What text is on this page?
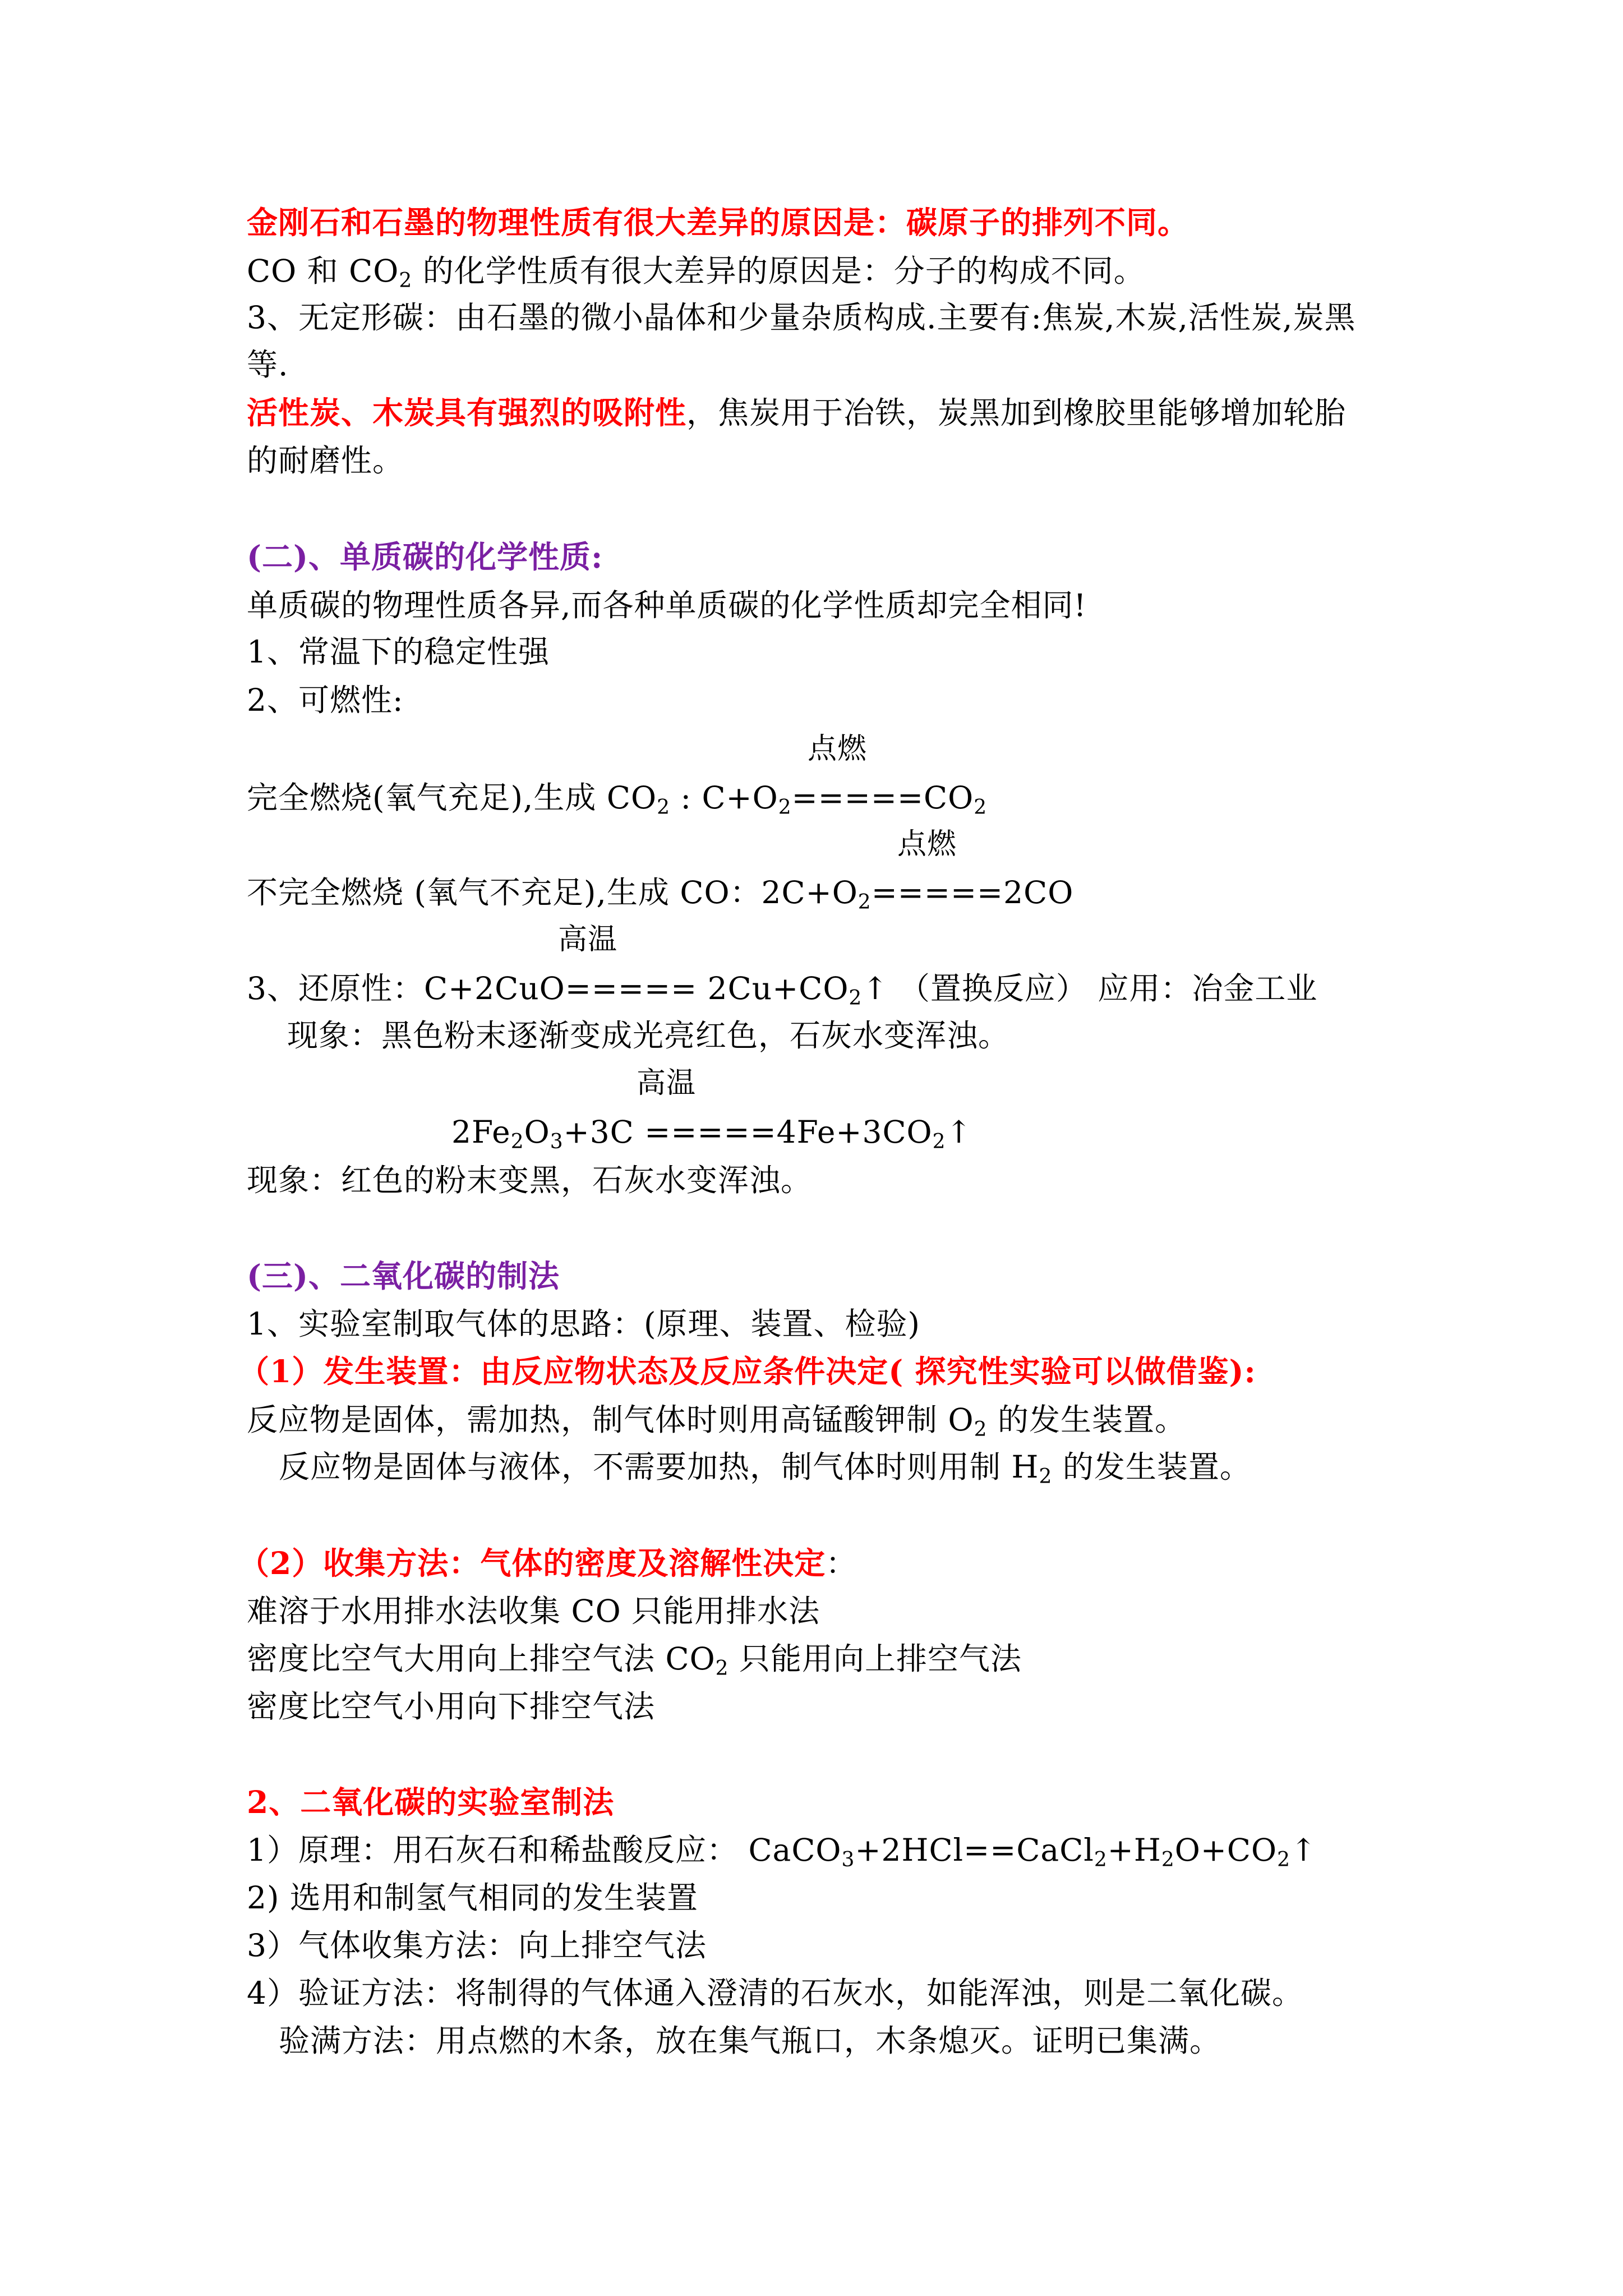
金刚石和石墨的物理性质有很大差异的原因是：碳原子的排列不同。

CO 和 $CO_2$ 的化学性质有很大差异的原因是：分子的构成不同。

3、无定形碳：由石墨的微小晶体和少量杂质构成.主要有:焦炭,木炭,活性炭,炭黑

等.

活性炭、木炭具有强烈的吸附性，焦炭用于冶铁，炭黑加到橡胶里能够增加轮胎

的耐磨性。

(二)、单质碳的化学性质:

单质碳的物理性质各异,而各种单质碳的化学性质却完全相同!

1、常温下的稳定性强

2、可燃性:

点燃

完全燃烧(氧气充足),生成 $CO_2$ : $C+O_2=====CO_2$

点燃

不完全燃烧 (氧气不充足),生成 CO：$2C+O_2=====2CO$

高温

3、还原性：$C+2CuO===== 2Cu+CO_2↑$ （置换反应） 应用：冶金工业

现象：黑色粉末逐渐变成光亮红色，石灰水变浑浊。

高温

$2Fe_2O_3+3C$ $=====4Fe+3CO_2↑$

现象：红色的粉末变黑，石灰水变浑浊。

(三)、二氧化碳的制法

1、实验室制取气体的思路：(原理、装置、检验)

（1）发生装置：由反应物状态及反应条件决定( 探究性实验可以做借鉴):

反应物是固体，需加热，制气体时则用高锰酸钾制 $O_2$ 的发生装置。

反应物是固体与液体，不需要加热，制气体时则用制 $H_2$ 的发生装置。

（2）收集方法：气体的密度及溶解性决定：

难溶于水用排水法收集 CO 只能用排水法

密度比空气大用向上排空气法 $CO_2$ 只能用向上排空气法

密度比空气小用向下排空气法

2、二氧化碳的实验室制法

1）原理：用石灰石和稀盐酸反应： $CaCO_3+2HCl==CaCl_2+H_2O+CO_2↑$

2) 选用和制氢气相同的发生装置

3）气体收集方法：向上排空气法

4）验证方法：将制得的气体通入澄清的石灰水，如能浑浊，则是二氧化碳。

验满方法：用点燃的木条，放在集气瓶口，木条熄灭。证明已集满。
